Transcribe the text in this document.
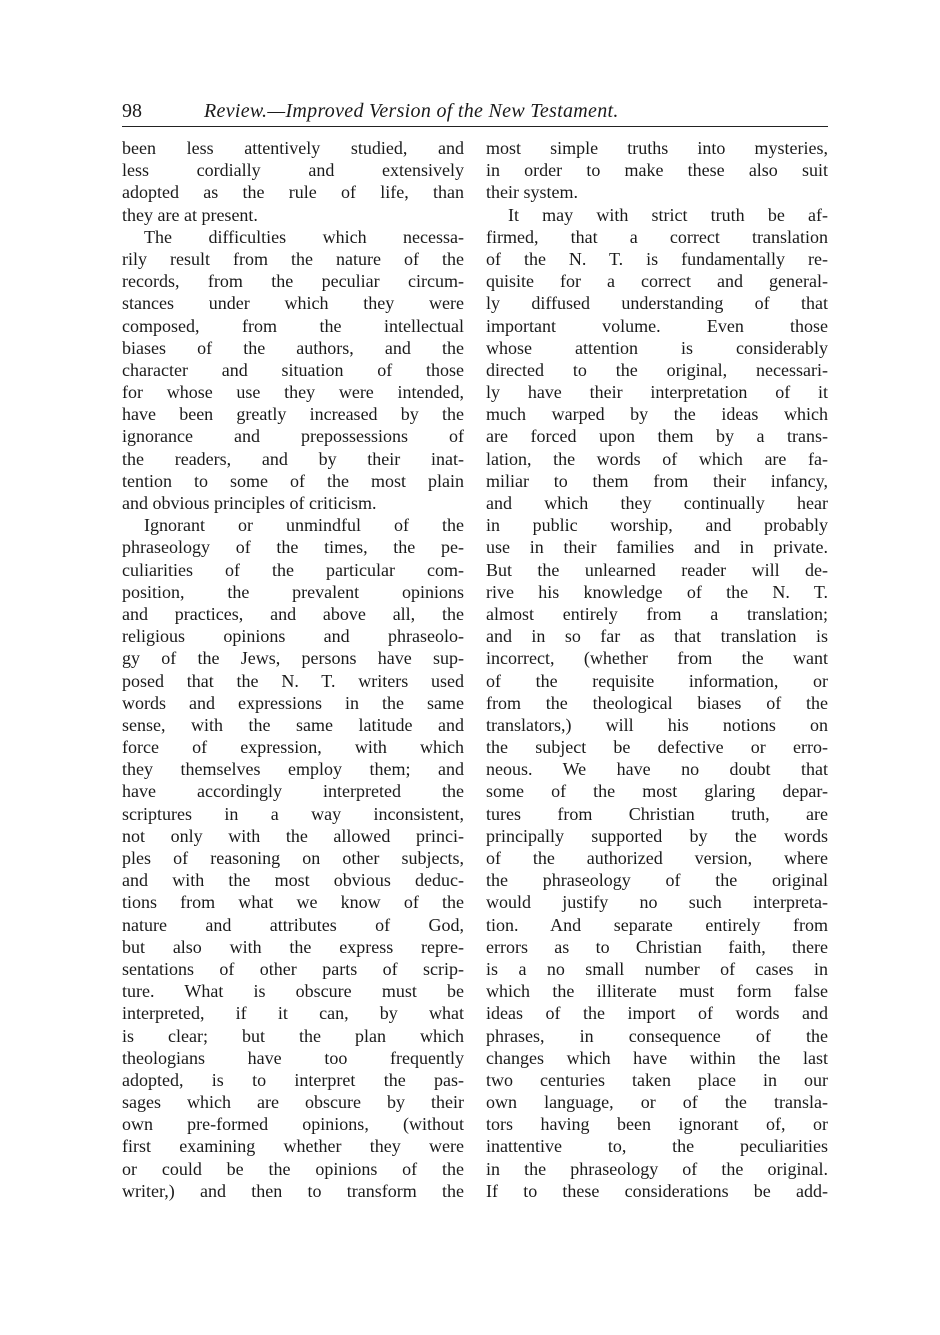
98	Review.—Improved Version of the New Testament.
been less attentively studied, and
less cordially and extensively
adopted as the rule of life, than
they are at present.
The difficulties which necessa-
rily result from the nature of the
records, from the peculiar circum-
stances under which they were
composed, from the intellectual
biases of the authors, and the
character and situation of those
for whose use they were intended,
have been greatly increased by the
ignorance and prepossessions of
the readers, and by their inat-
tention to some of the most plain
and obvious principles of criticism.
Ignorant or unmindful of the
phraseology of the times, the pe-
culiarities of the particular com-
position, the prevalent opinions
and practices, and above all, the
religious opinions and phraseolo-
gy of the Jews, persons have sup-
posed that the N. T. writers used
words and expressions in the same
sense, with the same latitude and
force of expression, with which
they themselves employ them; and
have accordingly interpreted the
scriptures in a way inconsistent,
not only with the allowed princi-
ples of reasoning on other subjects,
and with the most obvious deduc-
tions from what we know of the
nature and attributes of God,
but also with the express repre-
sentations of other parts of scrip-
ture. What is obscure must be
interpreted, if it can, by what
is clear; but the plan which
theologians have too frequently
adopted, is to interpret the pas-
sages which are obscure by their
own pre-formed opinions, (without
first examining whether they were
or could be the opinions of the
writer,) and then to transform the
most simple truths into mysteries,
in order to make these also suit
their system.
It may with strict truth be af-
firmed, that a correct translation
of the N. T. is fundamentally re-
quisite for a correct and general-
ly diffused understanding of that
important volume. Even those
whose attention is considerably
directed to the original, necessari-
ly have their interpretation of it
much warped by the ideas which
are forced upon them by a trans-
lation, the words of which are fa-
miliar to them from their infancy,
and which they continually hear
in public worship, and probably
use in their families and in private.
But the unlearned reader will de-
rive his knowledge of the N. T.
almost entirely from a translation;
and in so far as that translation is
incorrect, (whether from the want
of the requisite information, or
from the theological biases of the
translators,) will his notions on
the subject be defective or erro-
neous. We have no doubt that
some of the most glaring depar-
tures from Christian truth, are
principally supported by the words
of the authorized version, where
the phraseology of the original
would justify no such interpreta-
tion. And separate entirely from
errors as to Christian faith, there
is a no small number of cases in
which the illiterate must form false
ideas of the import of words and
phrases, in consequence of the
changes which have within the last
two centuries taken place in our
own language, or of the transla-
tors having been ignorant of, or
inattentive to, the peculiarities
in the phraseology of the original.
If to these considerations be add-
